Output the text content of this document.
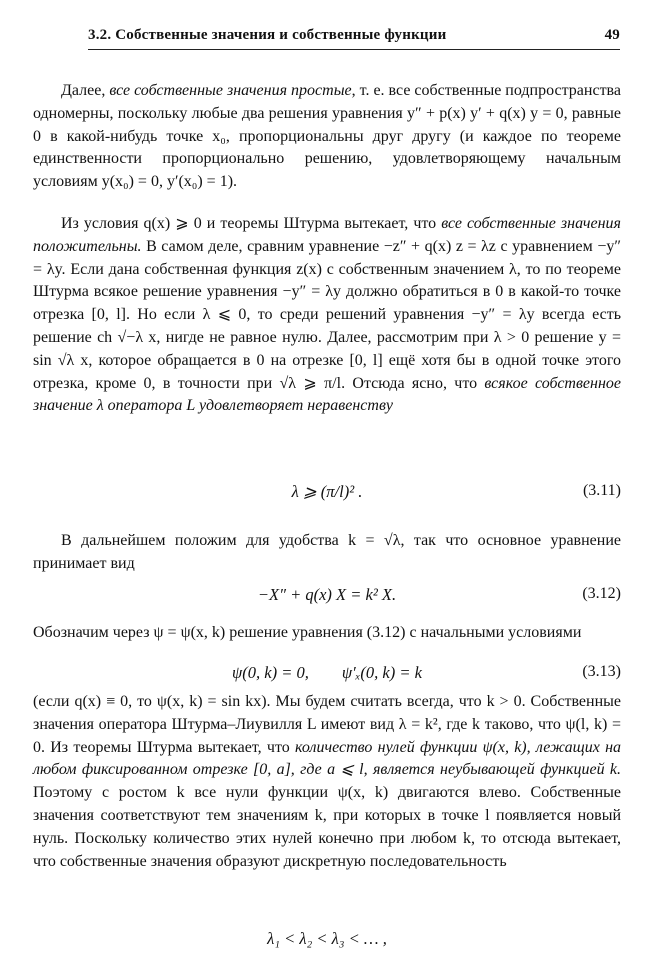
3.2. Собственные значения и собственные функции	49
Далее, все собственные значения простые, т. е. все собственные подпространства одномерны, поскольку любые два решения уравнения y″ + p(x) y′ + q(x) y = 0, равные 0 в какой-нибудь точке x₀, пропорциональны друг другу (и каждое по теореме единственности пропорционально решению, удовлетворяющему начальным условиям y(x₀) = 0, y′(x₀) = 1).
Из условия q(x) ⩾ 0 и теоремы Штурма вытекает, что все собственные значения положительны. В самом деле, сравним уравнение −z″ + q(x) z = λz с уравнением −y″ = λy. Если дана собственная функция z(x) с собственным значением λ, то по теореме Штурма всякое решение уравнения −y″ = λy должно обратиться в 0 в какой-то точке отрезка [0, l]. Но если λ ⩽ 0, то среди решений уравнения −y″ = λy всегда есть решение ch √−λ x, нигде не равное нулю. Далее, рассмотрим при λ > 0 решение y = sin √λ x, которое обращается в 0 на отрезке [0, l] ещё хотя бы в одной точке этого отрезка, кроме 0, в точности при √λ ⩾ π/l. Отсюда ясно, что всякое собственное значение λ оператора L удовлетворяет неравенству
λ ⩾ (π/l)² .	(3.11)
В дальнейшем положим для удобства k = √λ, так что основное уравнение принимает вид
−X″ + q(x) X = k² X.	(3.12)
Обозначим через ψ = ψ(x, k) решение уравнения (3.12) с начальными условиями
ψ(0, k) = 0,        ψ′ₓ(0, k) = k	(3.13)
(если q(x) ≡ 0, то ψ(x, k) = sin kx). Мы будем считать всегда, что k > 0. Собственные значения оператора Штурма–Лиувилля L имеют вид λ = k², где k таково, что ψ(l, k) = 0. Из теоремы Штурма вытекает, что количество нулей функции ψ(x, k), лежащих на любом фиксированном отрезке [0, a], где a ⩽ l, является неубывающей функцией k. Поэтому с ростом k все нули функции ψ(x, k) двигаются влево. Собственные значения соответствуют тем значениям k, при которых в точке l появляется новый нуль. Поскольку количество этих нулей конечно при любом k, то отсюда вытекает, что собственные значения образуют дискретную последовательность
λ₁ < λ₂ < λ₃ < … ,
